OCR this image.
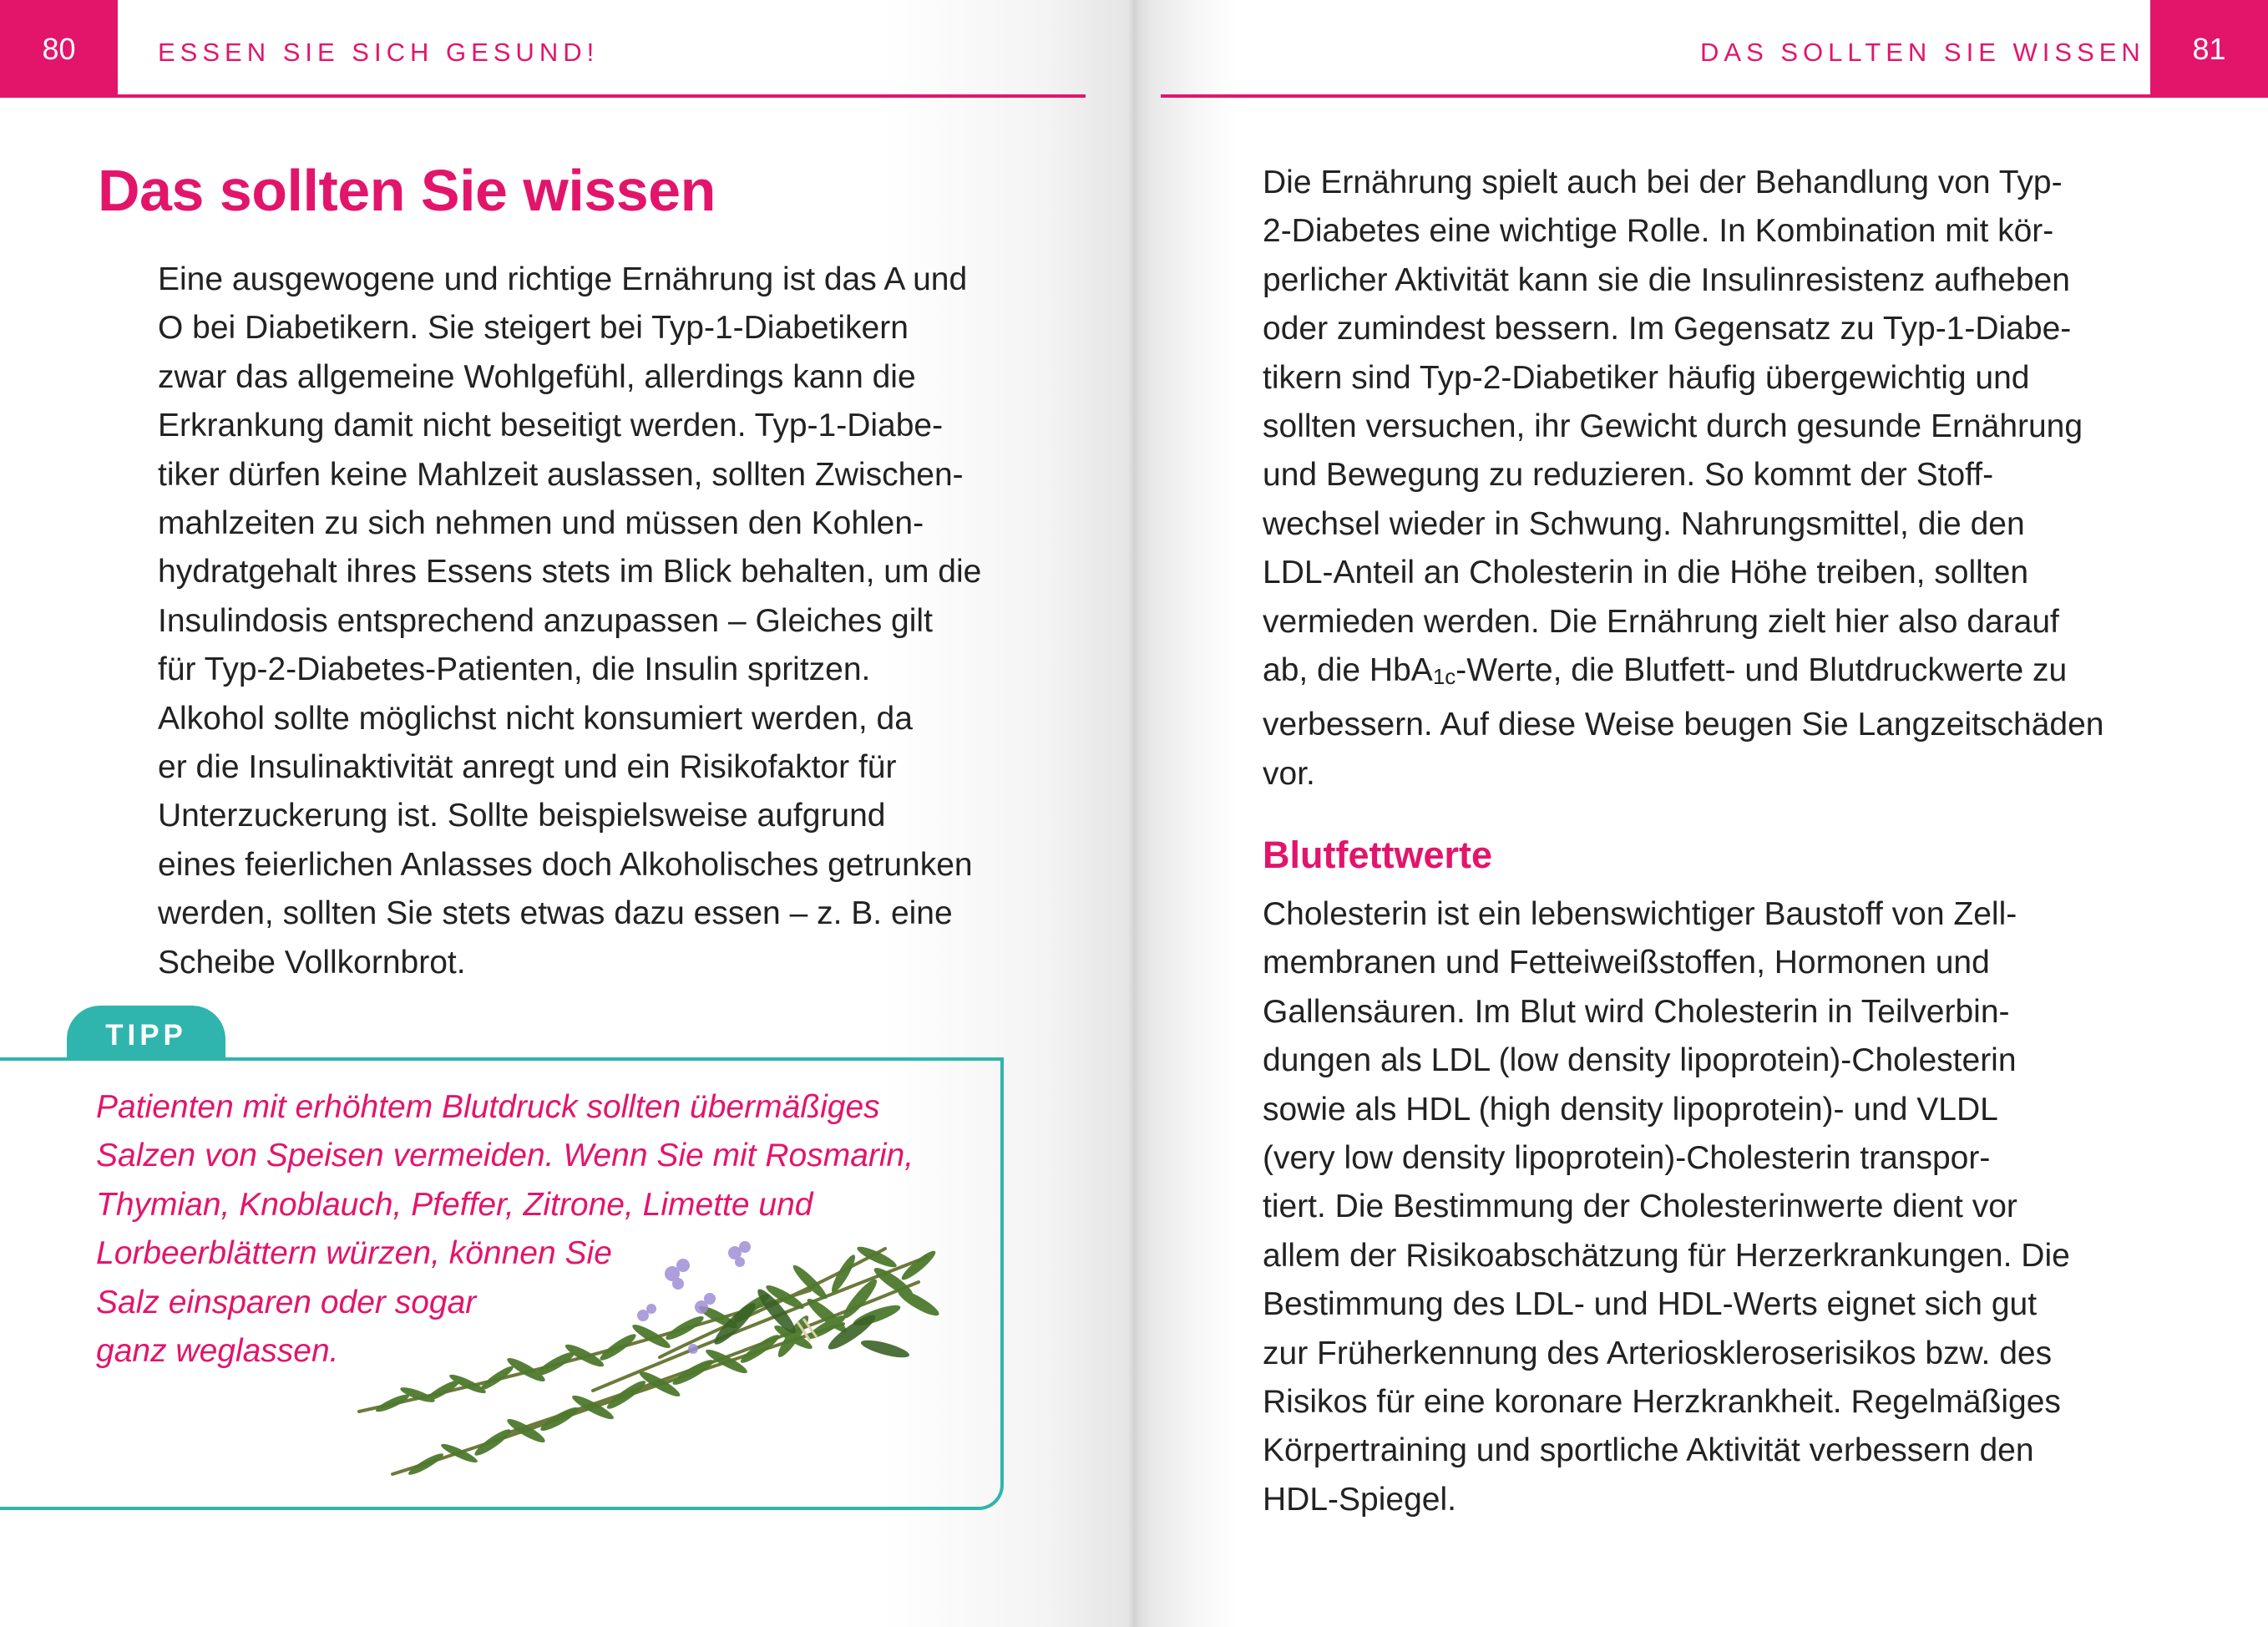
80	ESSEN SIE SICH GESUND!	DAS SOLLTEN SIE WISSEN	81
Das sollten Sie wissen
Eine ausgewogene und richtige Ernährung ist das A und
O bei Diabetikern. Sie steigert bei Typ-1-Diabetikern
zwar das allgemeine Wohlgefühl, allerdings kann die
Erkrankung damit nicht beseitigt werden. Typ-1-Diabe-
tiker dürfen keine Mahlzeit auslassen, sollten Zwischen-
mahlzeiten zu sich nehmen und müssen den Kohlen-
hydratgehalt ihres Essens stets im Blick behalten, um die
Insulindosis entsprechend anzupassen – Gleiches gilt
für Typ-2-Diabetes-Patienten, die Insulin spritzen.
Alkohol sollte möglichst nicht konsumiert werden, da
er die Insulinaktivität anregt und ein Risikofaktor für
Unterzuckerung ist. Sollte beispielsweise aufgrund
eines feierlichen Anlasses doch Alkoholisches getrunken
werden, sollten Sie stets etwas dazu essen – z. B. eine
Scheibe Vollkornbrot.
TIPP
Patienten mit erhöhtem Blutdruck sollten übermäßiges
Salzen von Speisen vermeiden. Wenn Sie mit Rosmarin,
Thymian, Knoblauch, Pfeffer, Zitrone, Limette und
Lorbeerblättern würzen, können Sie
Salz einsparen oder sogar
ganz weglassen.
Die Ernährung spielt auch bei der Behandlung von Typ-
2-Diabetes eine wichtige Rolle. In Kombination mit kör-
perlicher Aktivität kann sie die Insulinresistenz aufheben
oder zumindest bessern. Im Gegensatz zu Typ-1-Diabe-
tikern sind Typ-2-Diabetiker häufig übergewichtig und
sollten versuchen, ihr Gewicht durch gesunde Ernährung
und Bewegung zu reduzieren. So kommt der Stoff-
wechsel wieder in Schwung. Nahrungsmittel, die den
LDL-Anteil an Cholesterin in die Höhe treiben, sollten
vermieden werden. Die Ernährung zielt hier also darauf
ab, die HbA$_{1c}$-Werte, die Blutfett- und Blutdruckwerte zu
verbessern. Auf diese Weise beugen Sie Langzeitschäden
vor.
Blutfettwerte
Cholesterin ist ein lebenswichtiger Baustoff von Zell-
membranen und Fetteiweißstoffen, Hormonen und
Gallensäuren. Im Blut wird Cholesterin in Teilverbin-
dungen als LDL (low density lipoprotein)-Cholesterin
sowie als HDL (high density lipoprotein)- und VLDL
(very low density lipoprotein)-Cholesterin transpor-
tiert. Die Bestimmung der Cholesterinwerte dient vor
allem der Risikoabschätzung für Herzerkrankungen. Die
Bestimmung des LDL- und HDL-Werts eignet sich gut
zur Früherkennung des Arterioskleroserisikos bzw. des
Risikos für eine koronare Herzkrankheit. Regelmäßiges
Körpertraining und sportliche Aktivität verbessern den
HDL-Spiegel.
